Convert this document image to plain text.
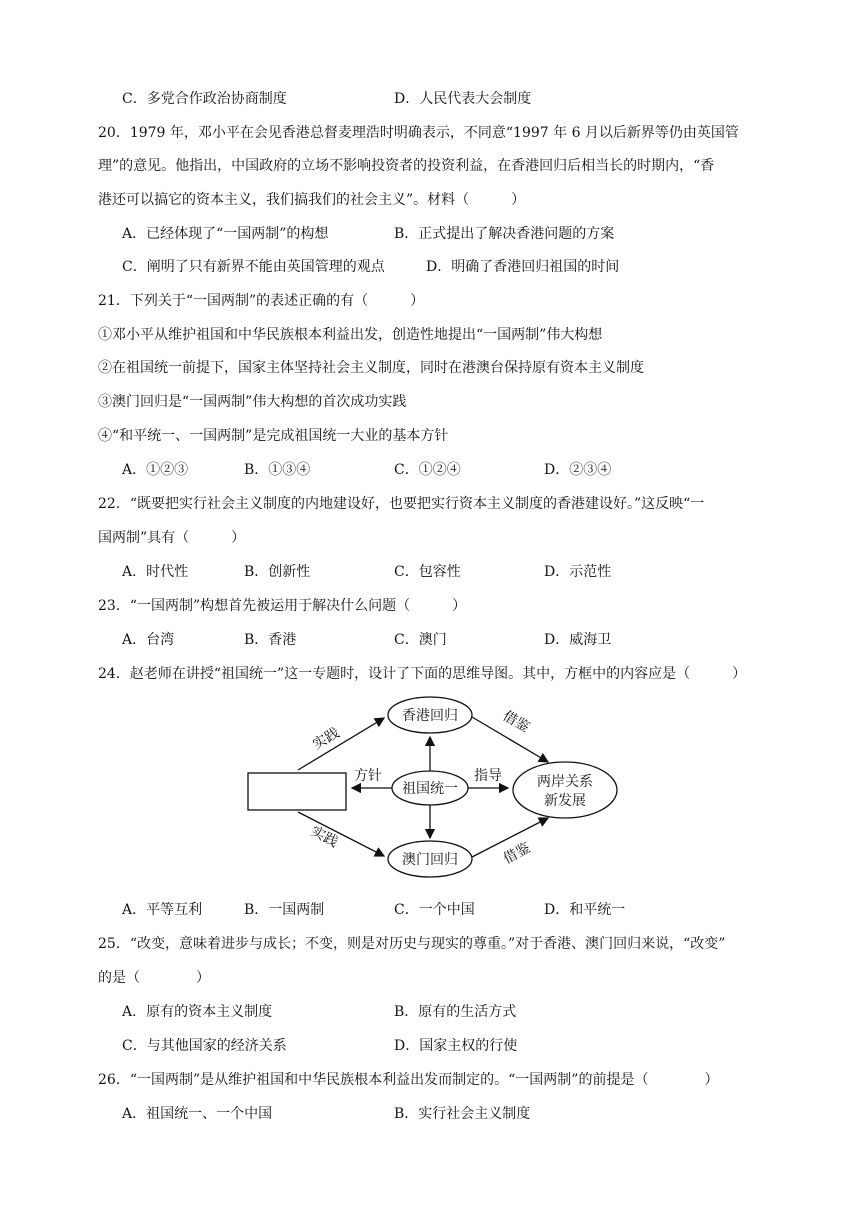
C．多党合作政治协商制度	D．人民代表大会制度
20．1979 年，邓小平在会见香港总督麦理浩时明确表示，不同意“1997 年 6 月以后新界等仍由英国管
理”的意见。他指出，中国政府的立场不影响投资者的投资利益，在香港回归后相当长的时期内，“香
港还可以搞它的资本主义，我们搞我们的社会主义”。材料（　　　）
A．已经体现了“一国两制”的构想	B．正式提出了解决香港问题的方案
C．阐明了只有新界不能由英国管理的观点	D．明确了香港回归祖国的时间
21．下列关于“一国两制”的表述正确的有（　　　）
①邓小平从维护祖国和中华民族根本利益出发，创造性地提出“一国两制”伟大构想
②在祖国统一前提下，国家主体坚持社会主义制度，同时在港澳台保持原有资本主义制度
③澳门回归是“一国两制”伟大构想的首次成功实践
④“和平统一、一国两制”是完成祖国统一大业的基本方针
A．①②③	B．①③④	C．①②④	D．②③④
22．“既要把实行社会主义制度的内地建设好，也要把实行资本主义制度的香港建设好。”这反映“一
国两制”具有（　　　）
A．时代性	B．创新性	C．包容性	D．示范性
23．“一国两制”构想首先被运用于解决什么问题（　　　）
A．台湾	B．香港	C．澳门	D．威海卫
24．赵老师在讲授“祖国统一”这一专题时，设计了下面的思维导图。其中，方框中的内容应是（　　　）
香港回归
澳门回归
祖国统一	两岸关系
新发展
实践
实践
方针	指导
借鉴
借鉴
A．平等互利	B．一国两制	C．一个中国	D．和平统一
25．“改变，意味着进步与成长；不变，则是对历史与现实的尊重。”对于香港、澳门回归来说，“改变”
的是（　　　　）
A．原有的资本主义制度	B．原有的生活方式
C．与其他国家的经济关系	D．国家主权的行使
26．“一国两制”是从维护祖国和中华民族根本利益出发而制定的。“一国两制”的前提是（　　　　）
A．祖国统一、一个中国	B．实行社会主义制度
